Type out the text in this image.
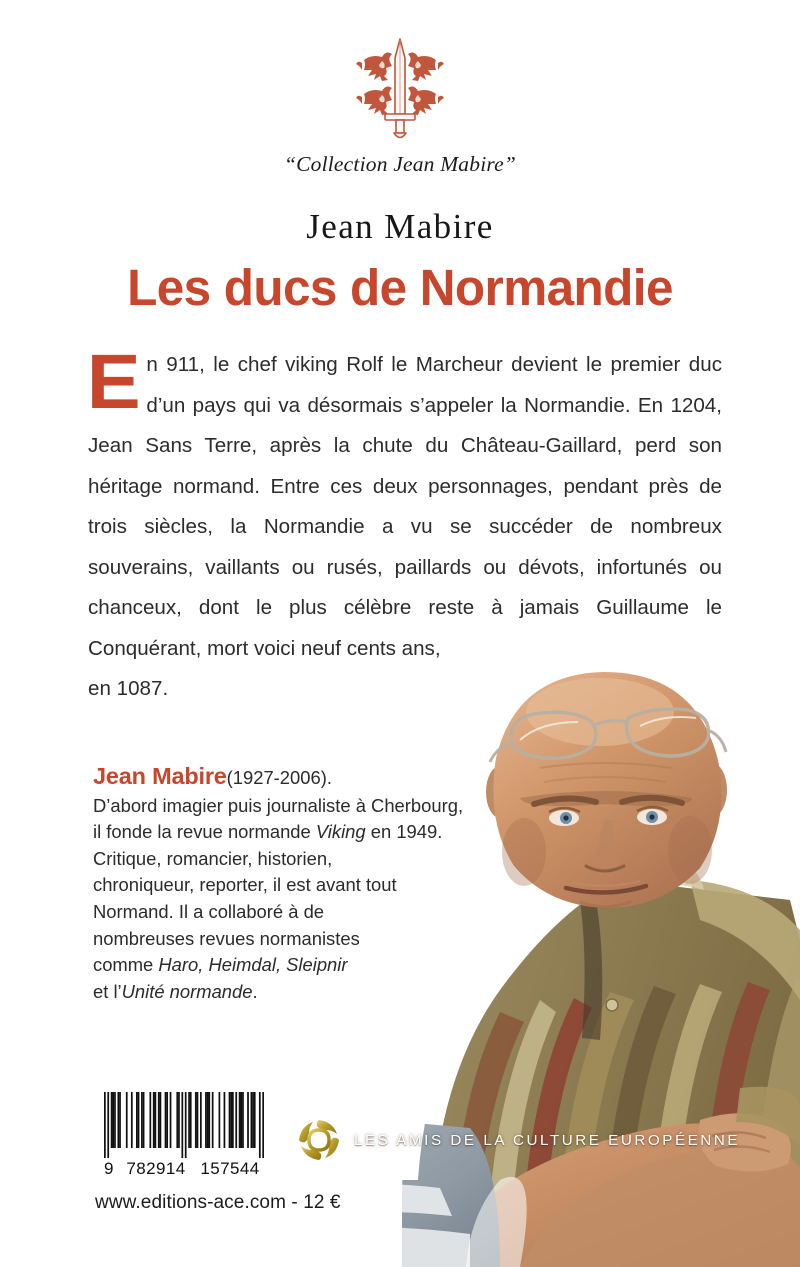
“Collection Jean Mabire”
Jean Mabire
Les ducs de Normandie
E n 911, le chef viking Rolf le Marcheur devient le premier duc d’un pays qui va désormais s’appeler la Normandie. En 1204, Jean Sans Terre, après la chute du Château-Gaillard, perd son héritage normand. Entre ces deux personnages, pendant près de trois siècles, la Normandie a vu se succéder de nombreux souverains, vaillants ou rusés, paillards ou dévots, infortunés ou chanceux, dont le plus célèbre reste à jamais Guillaume le Conquérant, mort voici neuf cents ans,
en 1087.
Jean Mabire(1927-2006).
D’abord imagier puis journaliste à Cherbourg,
il fonde la revue normande Viking en 1949.
Critique, romancier, historien,
chroniqueur, reporter, il est avant tout
Normand. Il a collaboré à de
nombreuses revues normanistes
comme Haro, Heimdal, Sleipnir
et l’Unité normande.
9 782914 157544
LES AMIS DE LA CULTURE EUROPÉENNE
www.editions-ace.com - 12 €
